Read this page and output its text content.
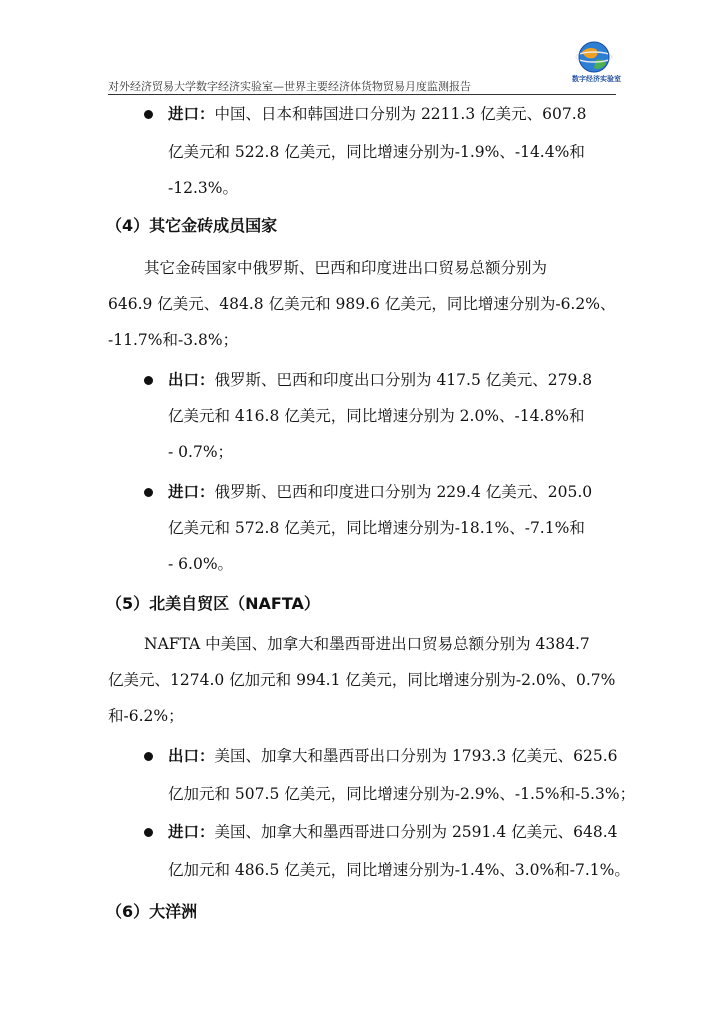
对外经济贸易大学数字经济实验室—世界主要经济体货物贸易月度监测报告
数字经济实验室
进口：中国、日本和韩国进口分别为 2211.3 亿美元、607.8
亿美元和 522.8 亿美元，同比增速分别为-1.9%、-14.4%和
-12.3%。
（4）其它金砖成员国家
其它金砖国家中俄罗斯、巴西和印度进出口贸易总额分别为
646.9 亿美元、484.8 亿美元和 989.6 亿美元，同比增速分别为-6.2%、
-11.7%和-3.8%；
出口：俄罗斯、巴西和印度出口分别为 417.5 亿美元、279.8
亿美元和 416.8 亿美元，同比增速分别为 2.0%、-14.8%和
- 0.7%；
进口：俄罗斯、巴西和印度进口分别为 229.4 亿美元、205.0
亿美元和 572.8 亿美元，同比增速分别为-18.1%、-7.1%和
- 6.0%。
（5）北美自贸区（NAFTA）
NAFTA 中美国、加拿大和墨西哥进出口贸易总额分别为 4384.7
亿美元、1274.0 亿加元和 994.1 亿美元，同比增速分别为-2.0%、0.7%
和-6.2%；
出口：美国、加拿大和墨西哥出口分别为 1793.3 亿美元、625.6
亿加元和 507.5 亿美元，同比增速分别为-2.9%、-1.5%和-5.3%；
进口：美国、加拿大和墨西哥进口分别为 2591.4 亿美元、648.4
亿加元和 486.5 亿美元，同比增速分别为-1.4%、3.0%和-7.1%。
（6）大洋洲
